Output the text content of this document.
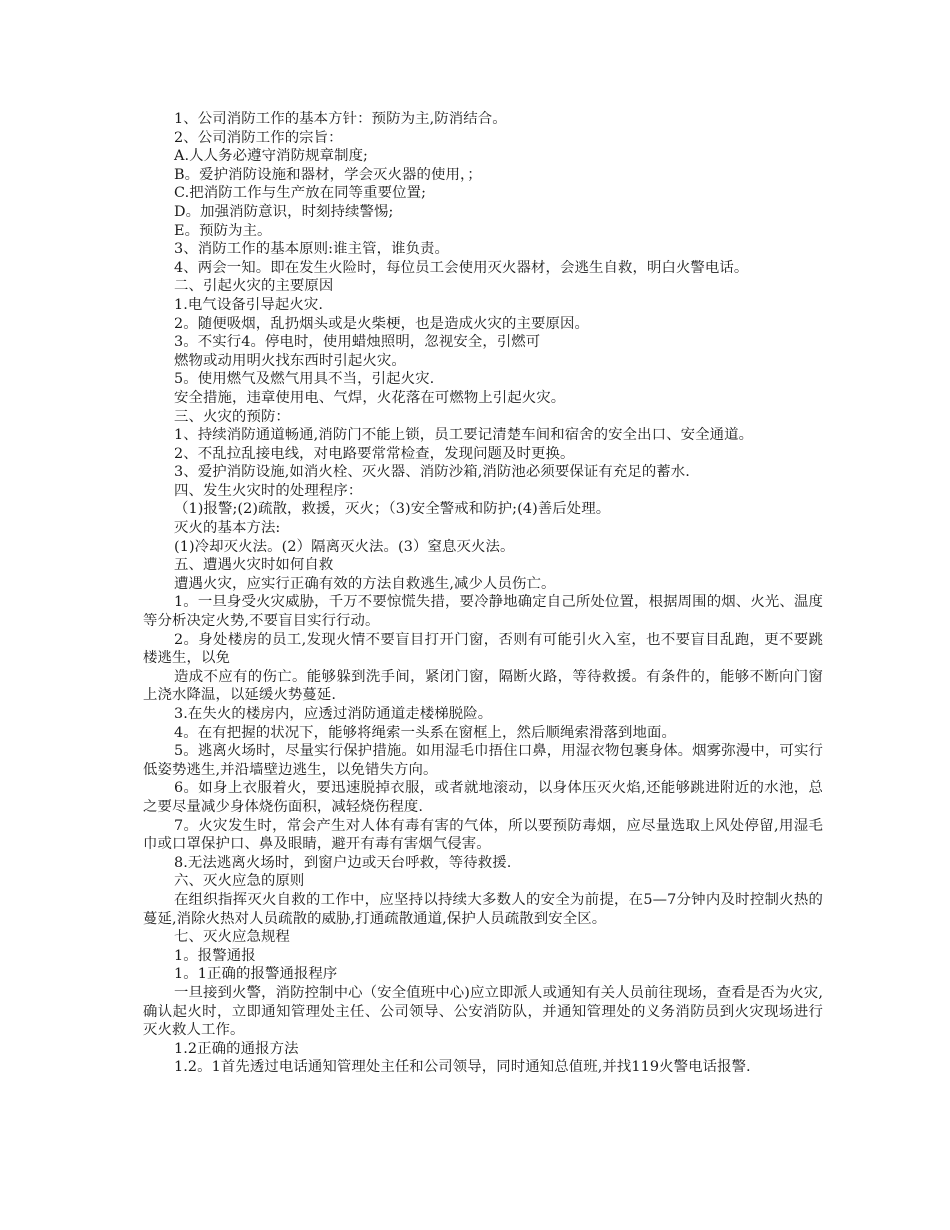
1、公司消防工作的基本方针：预防为主,防消结合。
2、公司消防工作的宗旨：
A.人人务必遵守消防规章制度;
B。爱护消防设施和器材，学会灭火器的使用，；
C.把消防工作与生产放在同等重要位置;
D。加强消防意识，时刻持续警惕;
E。预防为主。
3、消防工作的基本原则:谁主管，谁负责。
4、两会一知。即在发生火险时，每位员工会使用灭火器材，会逃生自救，明白火警电话。
二、引起火灾的主要原因
1.电气设备引导起火灾.
2。随便吸烟，乱扔烟头或是火柴梗，也是造成火灾的主要原因。
3。不实行4。停电时，使用蜡烛照明，忽视安全，引燃可
燃物或动用明火找东西时引起火灾。
5。使用燃气及燃气用具不当，引起火灾.
安全措施，违章使用电、气焊，火花落在可燃物上引起火灾。
三、火灾的预防：
1、持续消防通道畅通,消防门不能上锁，员工要记清楚车间和宿舍的安全出口、安全通道。
2、不乱拉乱接电线，对电路要常常检查，发现问题及时更换。
3、爱护消防设施,如消火栓、灭火器、消防沙箱,消防池必须要保证有充足的蓄水.
四、发生火灾时的处理程序：
（1)报警;(2)疏散，救援，灭火；（3)安全警戒和防护;(4)善后处理。
灭火的基本方法:
(1)冷却灭火法。(2）隔离灭火法。(3）窒息灭火法。
五、遭遇火灾时如何自救
遭遇火灾，应实行正确有效的方法自救逃生,减少人员伤亡。
1。一旦身受火灾威胁，千万不要惊慌失措，要冷静地确定自己所处位置，根据周围的烟、火光、温度等分析决定火势,不要盲目实行行动。
2。身处楼房的员工,发现火情不要盲目打开门窗，否则有可能引火入室，也不要盲目乱跑，更不要跳楼逃生，以免
造成不应有的伤亡。能够躲到洗手间，紧闭门窗，隔断火路，等待救援。有条件的，能够不断向门窗上浇水降温，以延缓火势蔓延.
3.在失火的楼房内，应透过消防通道走楼梯脱险。
4。在有把握的状况下，能够将绳索一头系在窗框上，然后顺绳索滑落到地面。
5。逃离火场时，尽量实行保护措施。如用湿毛巾捂住口鼻，用湿衣物包裹身体。烟雾弥漫中，可实行低姿势逃生,并沿墙壁边逃生，以免错失方向。
6。如身上衣服着火，要迅速脱掉衣服，或者就地滚动，以身体压灭火焰,还能够跳进附近的水池，总之要尽量减少身体烧伤面积，减轻烧伤程度.
7。火灾发生时，常会产生对人体有毒有害的气体，所以要预防毒烟，应尽量选取上风处停留,用湿毛巾或口罩保护口、鼻及眼睛，避开有毒有害烟气侵害。
8.无法逃离火场时，到窗户边或天台呼救，等待救援.
六、灭火应急的原则
在组织指挥灭火自救的工作中，应坚持以持续大多数人的安全为前提，在5—7分钟内及时控制火热的蔓延,消除火热对人员疏散的威胁,打通疏散通道,保护人员疏散到安全区。
七、灭火应急规程
1。报警通报
1。1正确的报警通报程序
一旦接到火警，消防控制中心（安全值班中心)应立即派人或通知有关人员前往现场，查看是否为火灾,确认起火时，立即通知管理处主任、公司领导、公安消防队，并通知管理处的义务消防员到火灾现场进行灭火救人工作。
1.2正确的通报方法
1.2。1首先透过电话通知管理处主任和公司领导，同时通知总值班,并找119火警电话报警.
